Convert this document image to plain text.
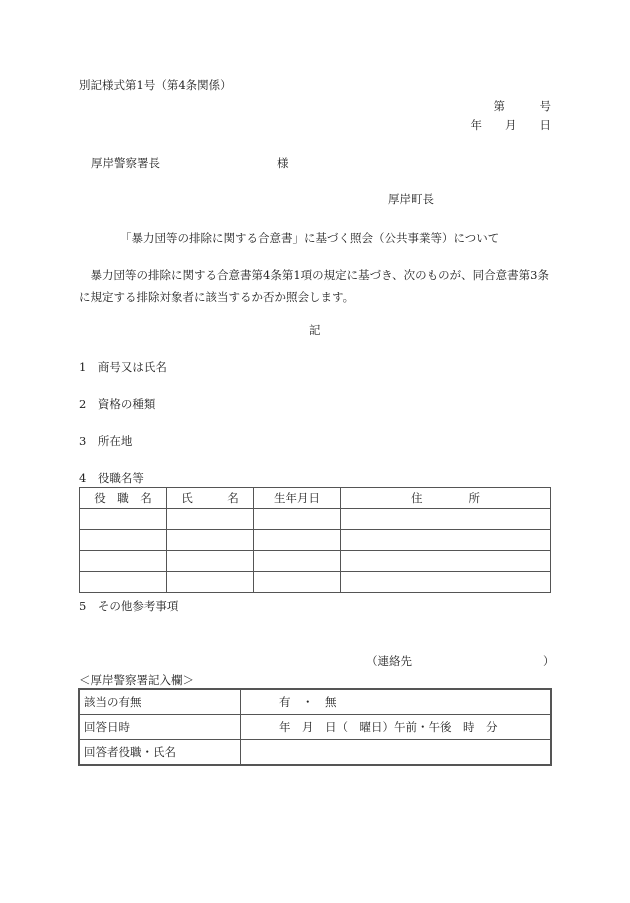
別記様式第1号（第4条関係）
第　　　号
年　　月　　日
厚岸警察署長	様
厚岸町長
「暴力団等の排除に関する合意書」に基づく照会（公共事業等）について
　暴力団等の排除に関する合意書第4条第1項の規定に基づき、次のものが、同合意書第3条
に規定する排除対象者に該当するか否か照会します。
記
1　商号又は氏名
2　資格の種類
3　所在地
4　役職名等
役　職　名	氏　　　名	生年月日	住　　　　所

5　その他参考事項
（連絡先	）
＜厚岸警察署記入欄＞
該当の有無	有　・　無
回答日時	年　月　日（　曜日）午前・午後　時　分
回答者役職・氏名	
